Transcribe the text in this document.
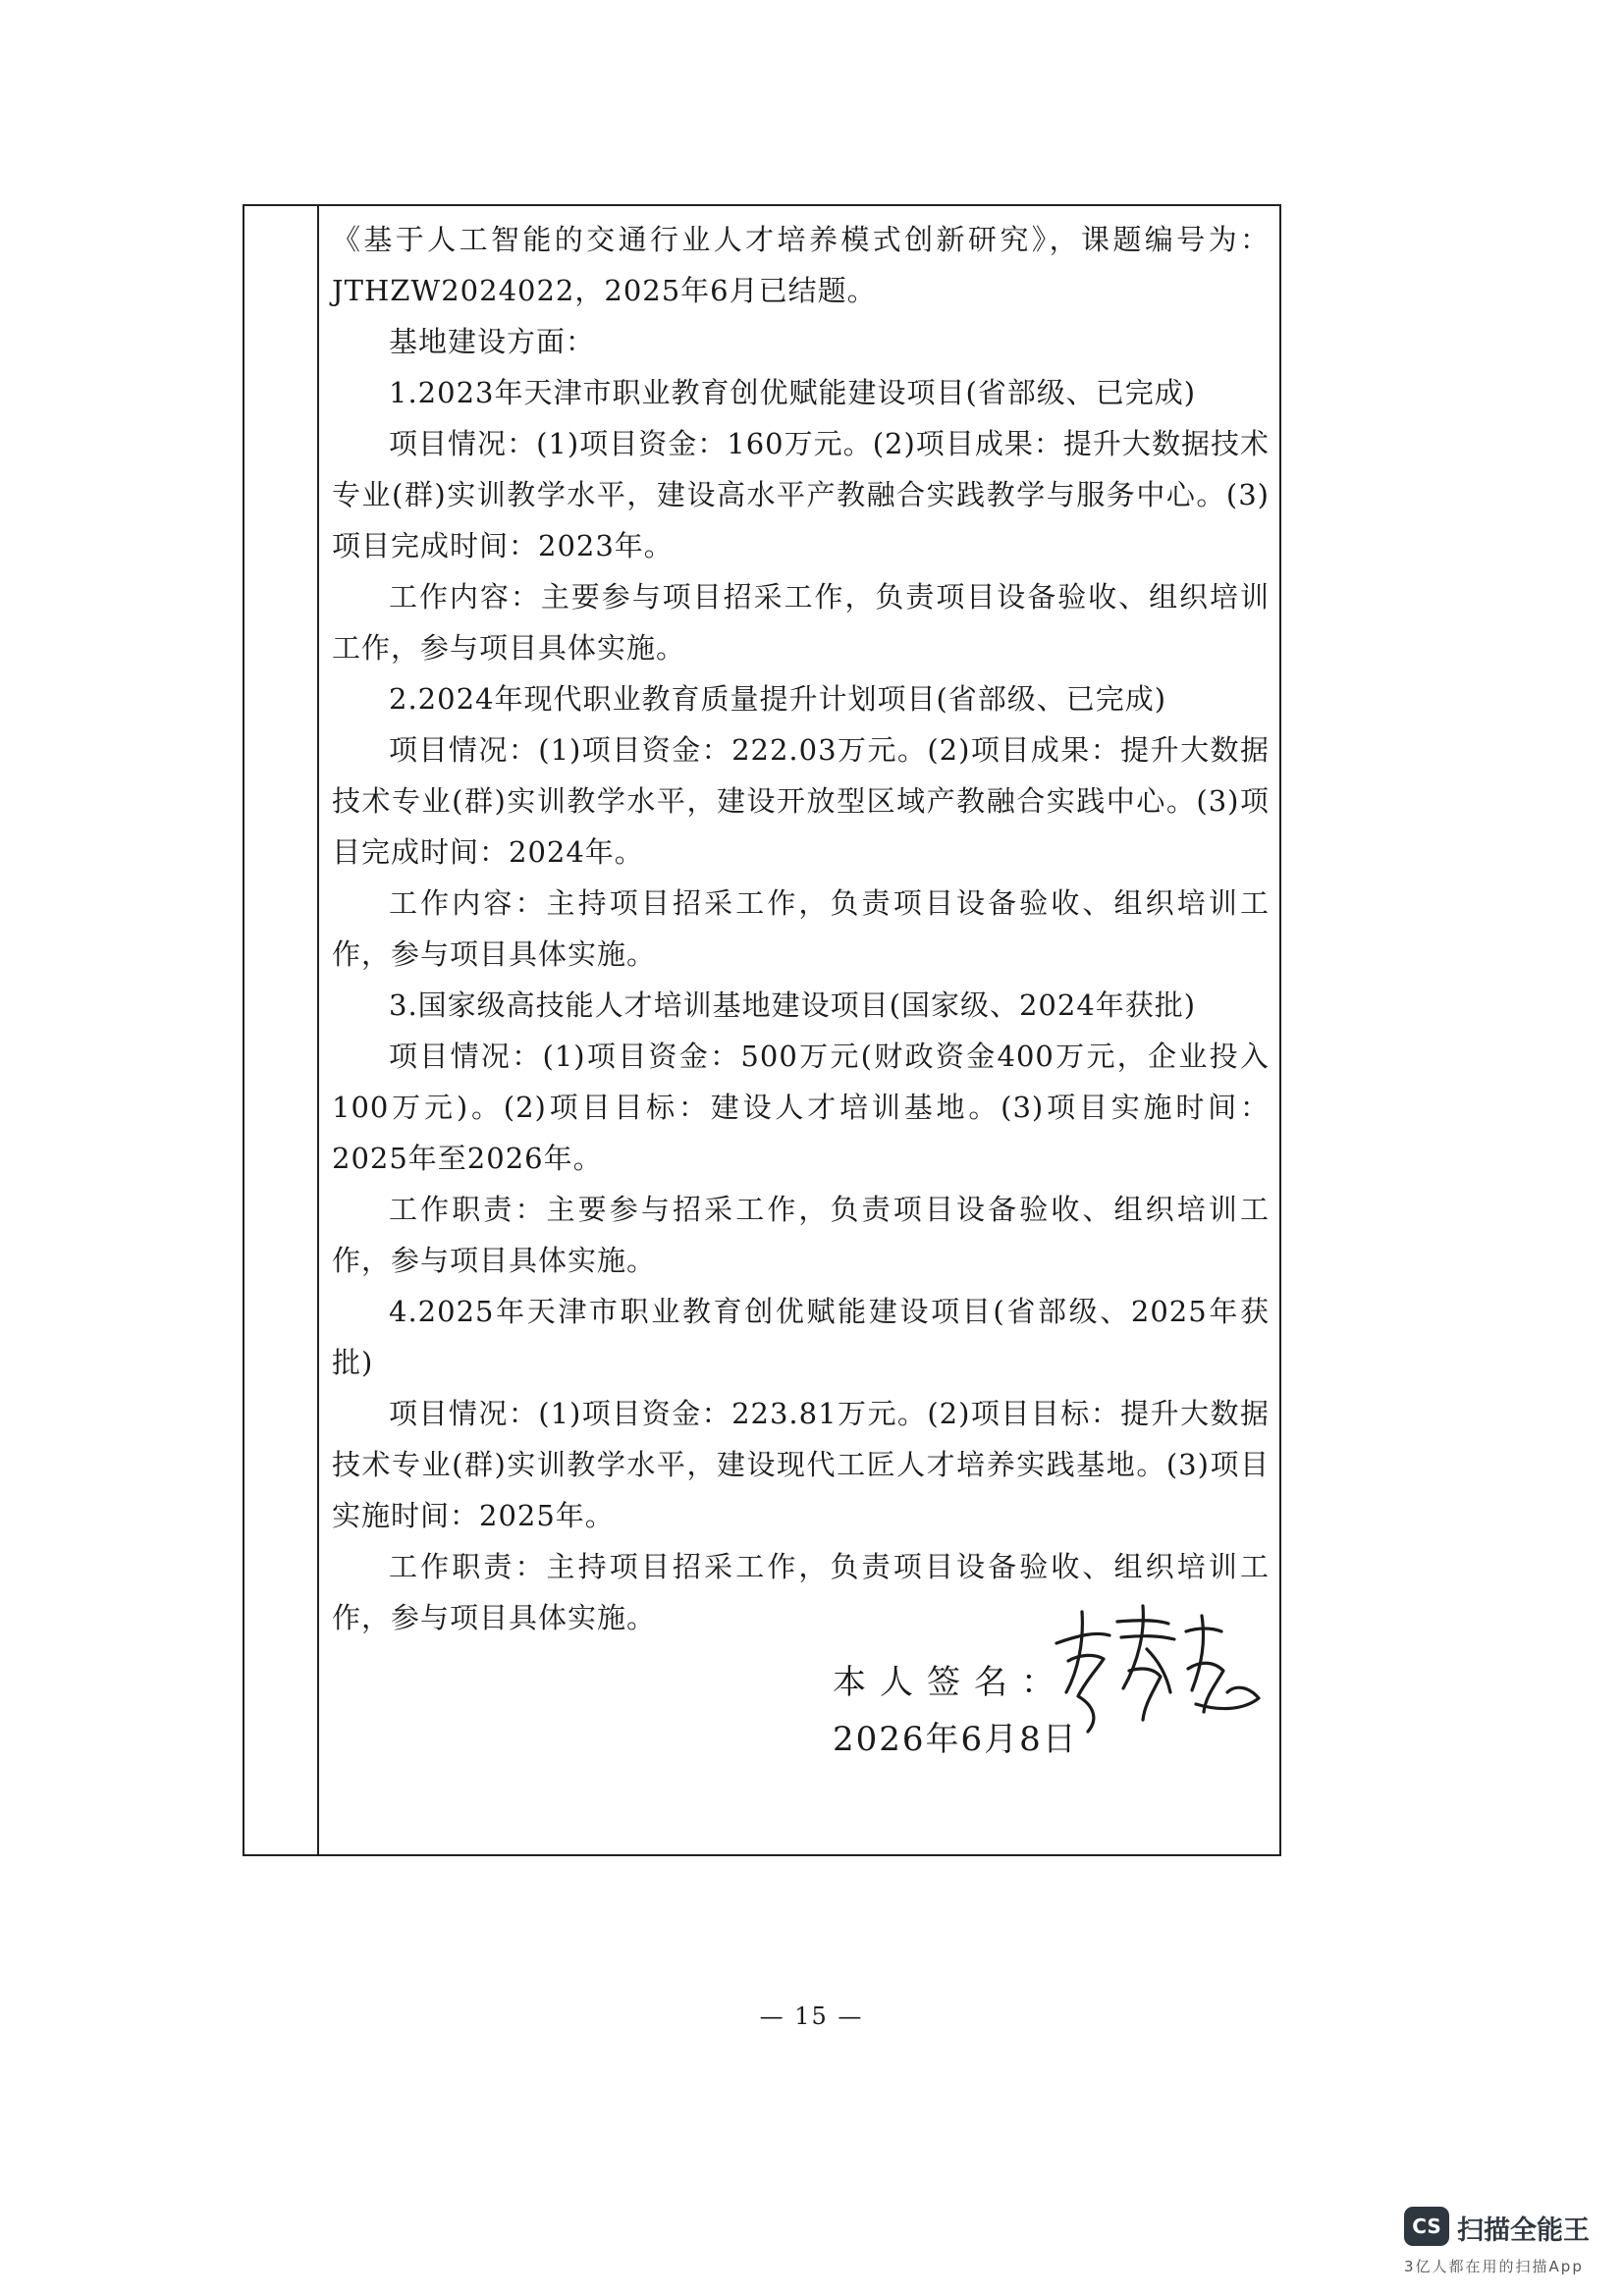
《基于人工智能的交通行业人才培养模式创新研究》，课题编号为：JTHZW2024022，2025年6月已结题。

基地建设方面：

1.2023年天津市职业教育创优赋能建设项目(省部级、已完成)

项目情况：(1)项目资金：160万元。(2)项目成果：提升大数据技术专业(群)实训教学水平，建设高水平产教融合实践教学与服务中心。(3)项目完成时间：2023年。

工作内容：主要参与项目招采工作，负责项目设备验收、组织培训工作，参与项目具体实施。

2.2024年现代职业教育质量提升计划项目(省部级、已完成)

项目情况：(1)项目资金：222.03万元。(2)项目成果：提升大数据技术专业(群)实训教学水平，建设开放型区域产教融合实践中心。(3)项目完成时间：2024年。

工作内容：主持项目招采工作，负责项目设备验收、组织培训工作，参与项目具体实施。

3.国家级高技能人才培训基地建设项目(国家级、2024年获批)

项目情况：(1)项目资金：500万元(财政资金400万元，企业投入100万元)。(2)项目目标：建设人才培训基地。(3)项目实施时间：2025年至2026年。

工作职责：主要参与招采工作，负责项目设备验收、组织培训工作，参与项目具体实施。

4.2025年天津市职业教育创优赋能建设项目(省部级、2025年获批)

项目情况：(1)项目资金：223.81万元。(2)项目目标：提升大数据技术专业(群)实训教学水平，建设现代工匠人才培养实践基地。(3)项目实施时间：2025年。

工作职责：主持项目招采工作，负责项目设备验收、组织培训工作，参与项目具体实施。

本人签名：
2026年6月8日
— 15 —
CS 扫描全能王
3亿人都在用的扫描App
